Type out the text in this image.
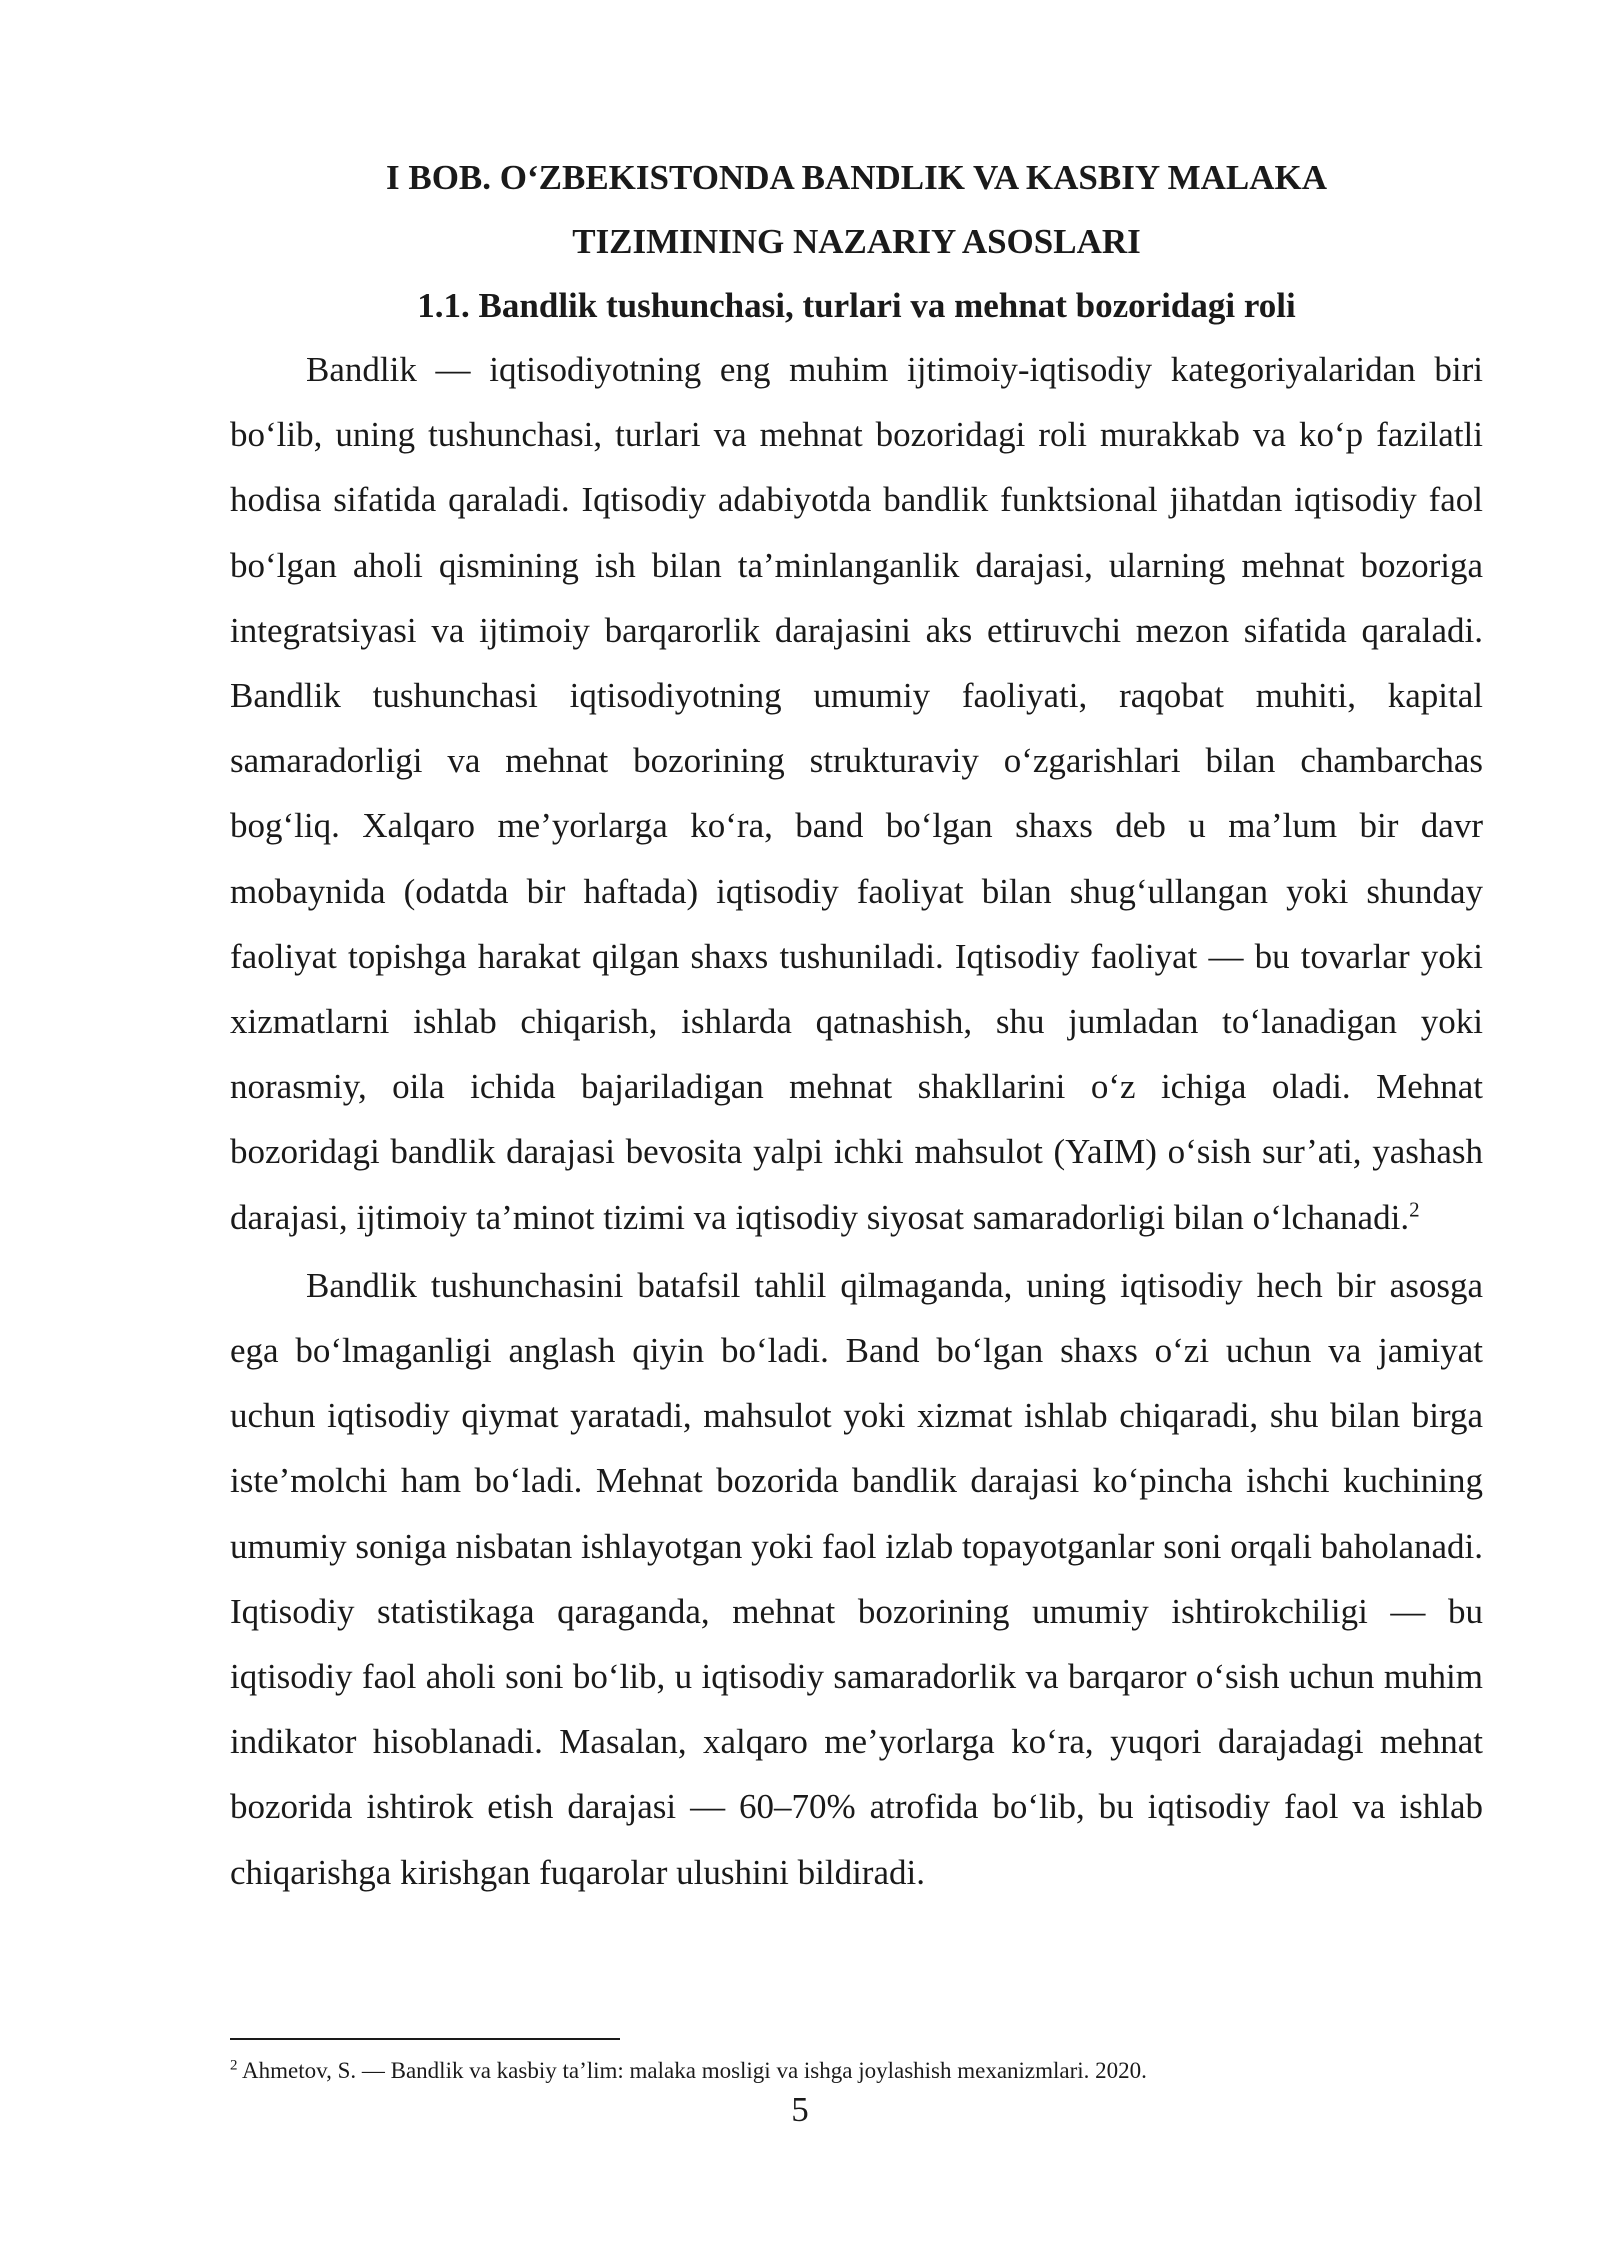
I BOB. O‘ZBEKISTONDA BANDLIK VA KASBIY MALAKA
TIZIMINING NAZARIY ASOSLARI
1.1. Bandlik tushunchasi, turlari va mehnat bozoridagi roli

Bandlik — iqtisodiyotning eng muhim ijtimoiy-iqtisodiy kategoriyalaridan biri bo‘lib, uning tushunchasi, turlari va mehnat bozoridagi roli murakkab va ko‘p fazilatli hodisa sifatida qaraladi. Iqtisodiy adabiyotda bandlik funktsional jihatdan iqtisodiy faol bo‘lgan aholi qismining ish bilan ta’minlanganlik darajasi, ularning mehnat bozoriga integratsiyasi va ijtimoiy barqarorlik darajasini aks ettiruvchi mezon sifatida qaraladi. Bandlik tushunchasi iqtisodiyotning umumiy faoliyati, raqobat muhiti, kapital samaradorligi va mehnat bozorining strukturaviy o‘zgarishlari bilan chambarchas bog‘liq. Xalqaro me’yorlarga ko‘ra, band bo‘lgan shaxs deb u ma’lum bir davr mobaynida (odatda bir haftada) iqtisodiy faoliyat bilan shug‘ullangan yoki shunday faoliyat topishga harakat qilgan shaxs tushuniladi. Iqtisodiy faoliyat — bu tovarlar yoki xizmatlarni ishlab chiqarish, ishlarda qatnashish, shu jumladan to‘lanadigan yoki norasmiy, oila ichida bajariladigan mehnat shakllarini o‘z ichiga oladi. Mehnat bozoridagi bandlik darajasi bevosita yalpi ichki mahsulot (YaIM) o‘sish sur’ati, yashash darajasi, ijtimoiy ta’minot tizimi va iqtisodiy siyosat samaradorligi bilan o‘lchanadi.$^2$

Bandlik tushunchasini batafsil tahlil qilmaganda, uning iqtisodiy hech bir asosga ega bo‘lmaganligi anglash qiyin bo‘ladi. Band bo‘lgan shaxs o‘zi uchun va jamiyat uchun iqtisodiy qiymat yaratadi, mahsulot yoki xizmat ishlab chiqaradi, shu bilan birga iste’molchi ham bo‘ladi. Mehnat bozorida bandlik darajasi ko‘pincha ishchi kuchining umumiy soniga nisbatan ishlayotgan yoki faol izlab topayotganlar soni orqali baholanadi. Iqtisodiy statistikaga qaraganda, mehnat bozorining umumiy ishtirokchiligi — bu iqtisodiy faol aholi soni bo‘lib, u iqtisodiy samaradorlik va barqaror o‘sish uchun muhim indikator hisoblanadi. Masalan, xalqaro me’yorlarga ko‘ra, yuqori darajadagi mehnat bozorida ishtirok etish darajasi — 60–70% atrofida bo‘lib, bu iqtisodiy faol va ishlab chiqarishga kirishgan fuqarolar ulushini bildiradi.

$^2$ Ahmetov, S. — Bandlik va kasbiy ta’lim: malaka mosligi va ishga joylashish mexanizmlari. 2020.

5
